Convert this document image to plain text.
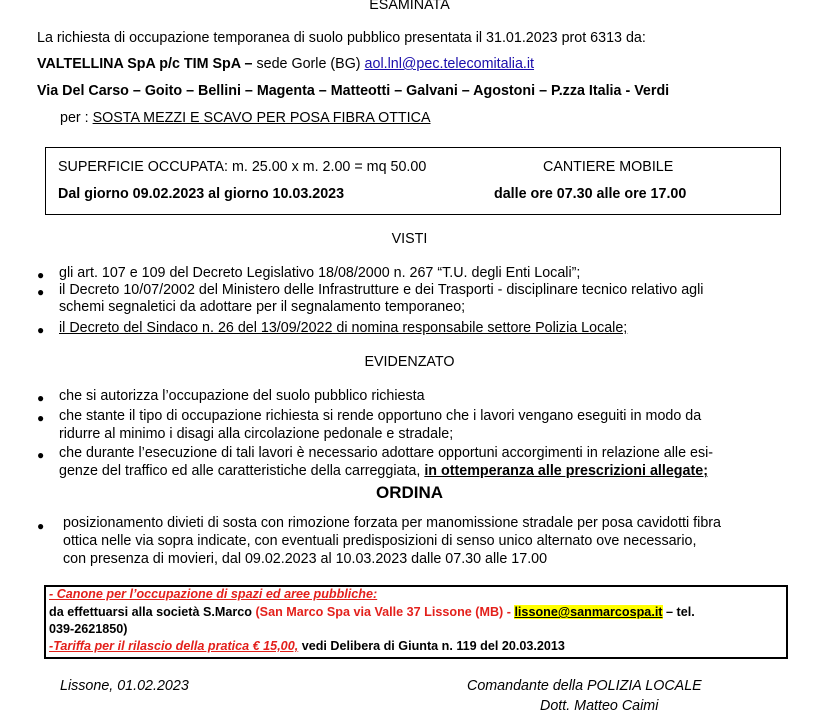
ESAMINATA
La richiesta di occupazione temporanea di suolo pubblico presentata il 31.01.2023 prot 6313 da:
VALTELLINA SpA p/c TIM SpA – sede Gorle (BG) aol.lnl@pec.telecomitalia.it
Via Del Carso – Goito – Bellini – Magenta – Matteotti – Galvani – Agostoni – P.zza Italia - Verdi
per : SOSTA MEZZI E SCAVO PER POSA FIBRA OTTICA
SUPERFICIE OCCUPATA: m. 25.00 x m. 2.00 = mq 50.00	CANTIERE MOBILE
Dal giorno 09.02.2023 al giorno 10.03.2023	dalle ore 07.30 alle ore 17.00
VISTI
● gli art. 107 e 109 del Decreto Legislativo 18/08/2000 n. 267 “T.U. degli Enti Locali”;
● il Decreto 10/07/2002 del Ministero delle Infrastrutture e dei Trasporti - disciplinare tecnico relativo agli
schemi segnaletici da adottare per il segnalamento temporaneo;
● il Decreto del Sindaco n. 26 del 13/09/2022 di nomina responsabile settore Polizia Locale;
EVIDENZATO
● che si autorizza l’occupazione del suolo pubblico richiesta
● che stante il tipo di occupazione richiesta si rende opportuno che i lavori vengano eseguiti in modo da
ridurre al minimo i disagi alla circolazione pedonale e stradale;
● che durante l’esecuzione di tali lavori è necessario adottare opportuni accorgimenti in relazione alle esi-
genze del traffico ed alle caratteristiche della carreggiata, in ottemperanza alle prescrizioni allegate;
ORDINA
● posizionamento divieti di sosta con rimozione forzata per manomissione stradale per posa cavidotti fibra
ottica nelle via sopra indicate, con eventuali predisposizioni di senso unico alternato ove necessario,
con presenza di movieri, dal 09.02.2023 al 10.03.2023 dalle 07.30 alle 17.00
- Canone per l’occupazione di spazi ed aree pubbliche:
da effettuarsi alla società S.Marco (San Marco Spa via Valle 37 Lissone (MB) - lissone@sanmarcospa.it – tel.
039-2621850)
-Tariffa per il rilascio della pratica € 15,00, vedi Delibera di Giunta n. 119 del 20.03.2013
Lissone, 01.02.2023	Comandante della POLIZIA LOCALE
Dott. Matteo Caimi
